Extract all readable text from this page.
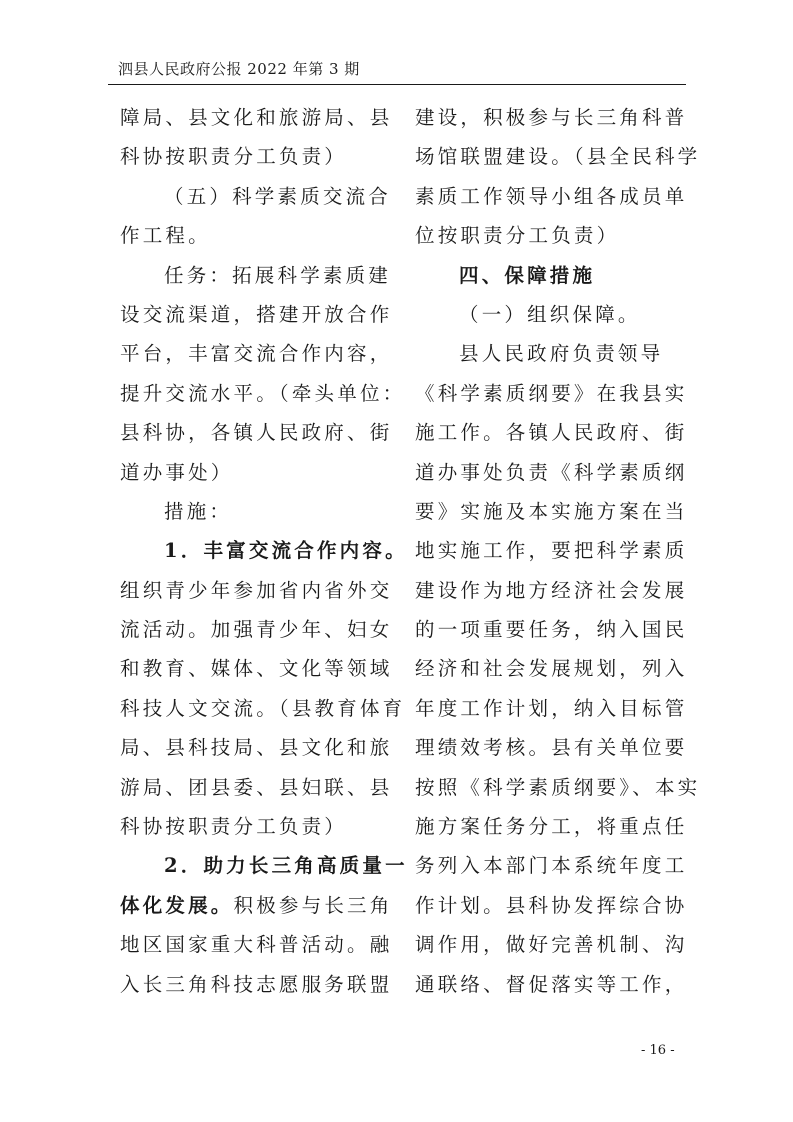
泗县人民政府公报 2022 年第 3 期
障局、县文化和旅游局、县
科协按职责分工负责）
（五）科学素质交流合
作工程。
任务：拓展科学素质建
设交流渠道，搭建开放合作
平台，丰富交流合作内容，
提升交流水平。（牵头单位：
县科协，各镇人民政府、街
道办事处）
措施：
1．丰富交流合作内容。
组织青少年参加省内省外交
流活动。加强青少年、妇女
和教育、媒体、文化等领域
科技人文交流。（县教育体育
局、县科技局、县文化和旅
游局、团县委、县妇联、县
科协按职责分工负责）
2．助力长三角高质量一
体化发展。积极参与长三角
地区国家重大科普活动。融
入长三角科技志愿服务联盟
建设，积极参与长三角科普
场馆联盟建设。（县全民科学
素质工作领导小组各成员单
位按职责分工负责）
四、保障措施
（一）组织保障。
县人民政府负责领导
《科学素质纲要》在我县实
施工作。各镇人民政府、街
道办事处负责《科学素质纲
要》实施及本实施方案在当
地实施工作，要把科学素质
建设作为地方经济社会发展
的一项重要任务，纳入国民
经济和社会发展规划，列入
年度工作计划，纳入目标管
理绩效考核。县有关单位要
按照《科学素质纲要》、本实
施方案任务分工，将重点任
务列入本部门本系统年度工
作计划。县科协发挥综合协
调作用，做好完善机制、沟
通联络、督促落实等工作，
- 16 -
